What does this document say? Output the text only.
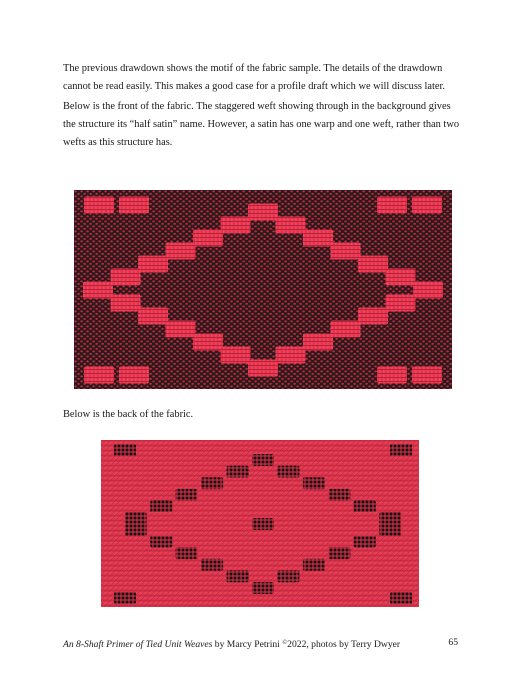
The previous drawdown shows the motif of the fabric sample. The details of the drawdown cannot be read easily. This makes a good case for a profile draft which we will discuss later.

Below is the front of the fabric. The staggered weft showing through in the background gives the structure its “half satin” name. However, a satin has one warp and one weft, rather than two wefts as this structure has.

Below is the back of the fabric.

An 8-Shaft Primer of Tied Unit Weaves by Marcy Petrini ©2022, photos by Terry Dwyer	65
